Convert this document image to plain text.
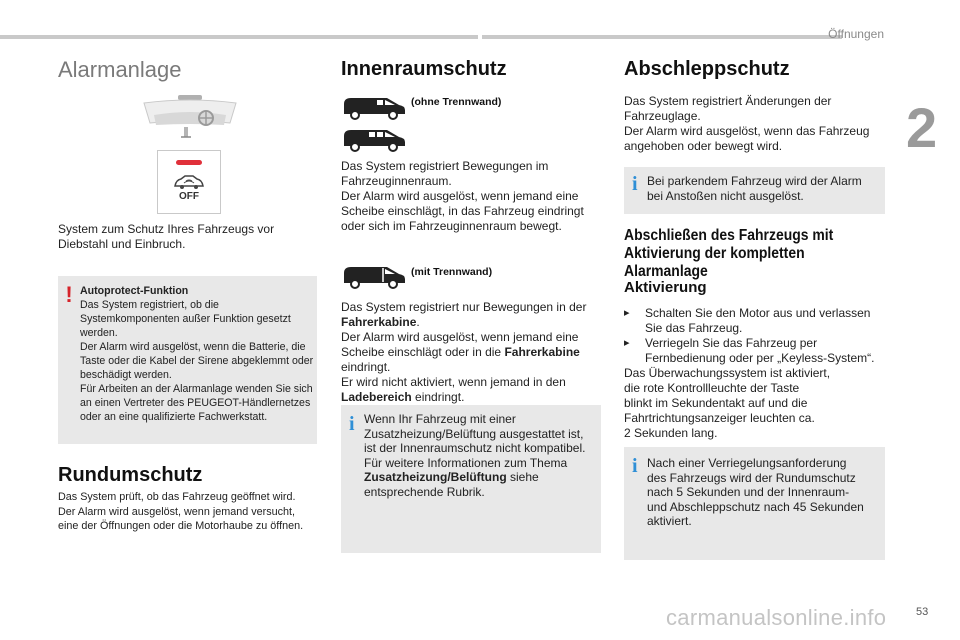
Öffnungen
2
Alarmanlage
OFF
System zum Schutz Ihres Fahrzeugs vor Diebstahl und Einbruch.
! Autoprotect-Funktion
Das System registriert, ob die
Systemkomponenten außer Funktion gesetzt
werden.
Der Alarm wird ausgelöst, wenn die Batterie, die
Taste oder die Kabel der Sirene abgeklemmt oder
beschädigt werden.
Für Arbeiten an der Alarmanlage wenden Sie sich
an einen Vertreter des PEUGEOT-Händlernetzes
oder an eine qualifizierte Fachwerkstatt.
Rundumschutz
Das System prüft, ob das Fahrzeug geöffnet wird.
Der Alarm wird ausgelöst, wenn jemand versucht,
eine der Öffnungen oder die Motorhaube zu öffnen.
Innenraumschutz
(ohne Trennwand)
Das System registriert Bewegungen im
Fahrzeuginnenraum.
Der Alarm wird ausgelöst, wenn jemand eine
Scheibe einschlägt, in das Fahrzeug eindringt
oder sich im Fahrzeuginnenraum bewegt.
(mit Trennwand)
Das System registriert nur Bewegungen in der
Fahrerkabine.
Der Alarm wird ausgelöst, wenn jemand eine
Scheibe einschlägt oder in die Fahrerkabine
eindringt.
Er wird nicht aktiviert, wenn jemand in den
Ladebereich eindringt.
i Wenn Ihr Fahrzeug mit einer
Zusatzheizung/Belüftung ausgestattet ist,
ist der Innenraumschutz nicht kompatibel.
Für weitere Informationen zum Thema
Zusatzheizung/Belüftung siehe
entsprechende Rubrik.
Abschleppschutz
Das System registriert Änderungen der
Fahrzeuglage.
Der Alarm wird ausgelöst, wenn das Fahrzeug
angehoben oder bewegt wird.
i Bei parkendem Fahrzeug wird der Alarm
bei Anstoßen nicht ausgelöst.
Abschließen des Fahrzeugs mit
Aktivierung der kompletten Alarmanlage
Aktivierung
▸ Schalten Sie den Motor aus und verlassen
Sie das Fahrzeug.
▸ Verriegeln Sie das Fahrzeug per
Fernbedienung oder per „Keyless-System“.
Das Überwachungssystem ist aktiviert,
die rote Kontrollleuchte der Taste
blinkt im Sekundentakt auf und die
Fahrtrichtungsanzeiger leuchten ca.
2 Sekunden lang.
i Nach einer Verriegelungsanforderung
des Fahrzeugs wird der Rundumschutz
nach 5 Sekunden und der Innenraum-
und Abschleppschutz nach 45 Sekunden
aktiviert.
carmanualsonline.info	53
